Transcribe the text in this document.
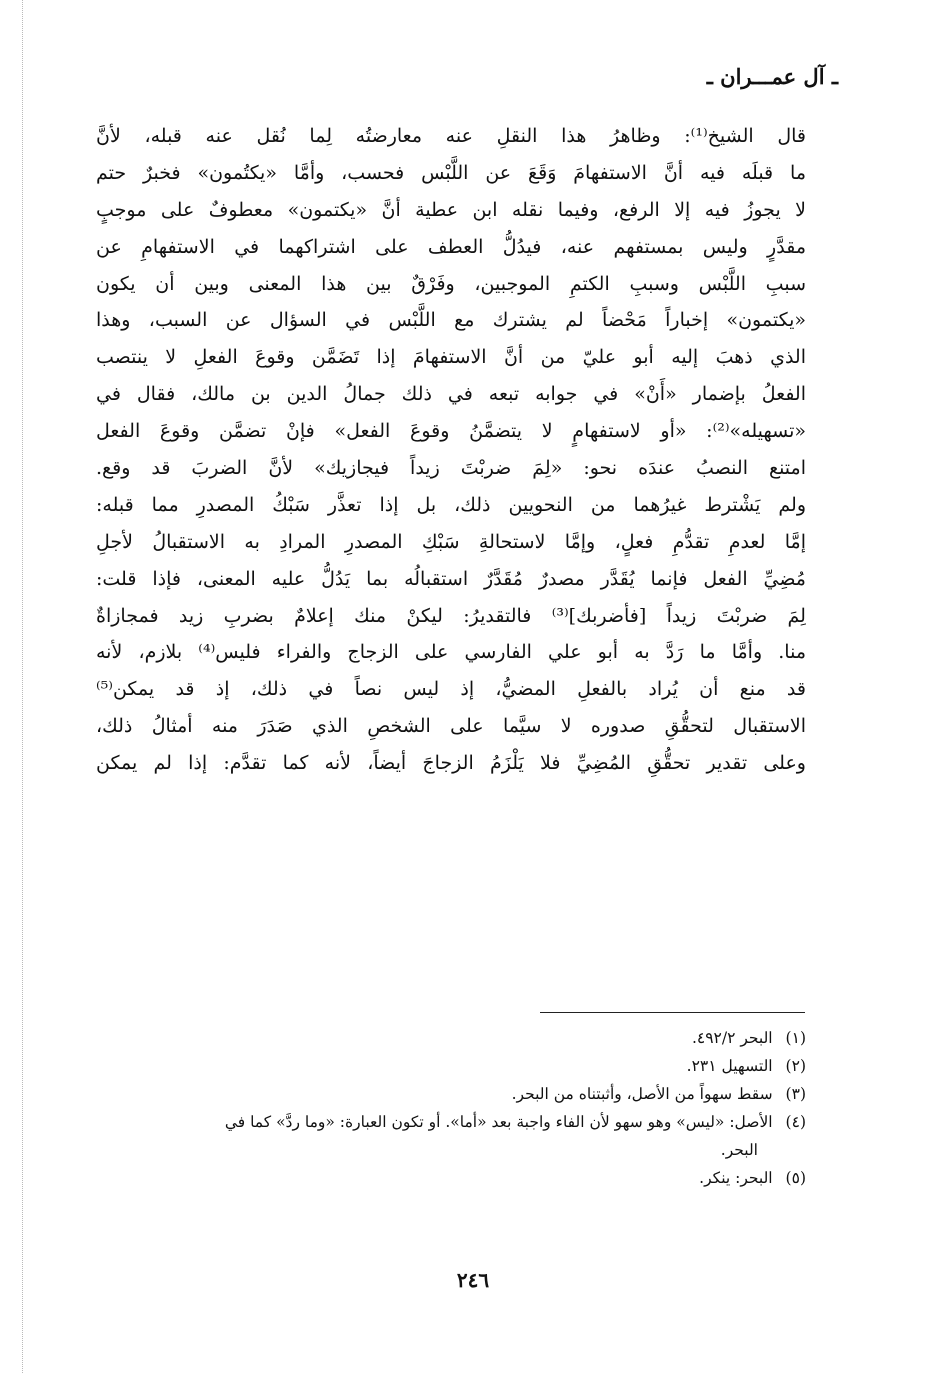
ـ آل عمـــران ـ
قال الشيخ⁽¹⁾: وظاهرُ هذا النقلِ عنه معارضتُه لِما نُقل عنه قبله، لأنَّ
ما قبلَه فيه أنَّ الاستفهامَ وَقَعَ عن اللَّبْس فحسب، وأمَّا «يكتُمون» فخبرٌ حتم
لا يجوزُ فيه إلا الرفع، وفيما نقله ابن عطية أنَّ «يكتمون» معطوفٌ على موجبٍ
مقدَّرٍ وليس بمستفهم عنه، فيدُلُّ العطف على اشتراكهما في الاستفهامِ عن
سببِ اللَّبْس وسببِ الكتمِ الموجبين، وفَرْقٌ بين هذا المعنى وبين أن يكون
«يكتمون» إخباراً مَحْضاً لم يشترك مع اللَّبْس في السؤال عن السبب، وهذا
الذي ذهبَ إليه أبو عليّ من أنَّ الاستفهامَ إذا تَضَمَّن وقوعَ الفعلِ لا ينتصب
الفعلُ بإضمار «أَنْ» في جوابه تبعه في ذلك جمالُ الدين بن مالك، فقال في
«تسهيله»⁽²⁾: «أو لاستفهامٍ لا يتضمَّنُ وقوعَ الفعل» فإنْ تضمَّن وقوعَ الفعل
امتنع النصبُ عندَه نحو: «لِمَ ضربْتَ زيداً فيجازيك» لأنَّ الضربَ قد وقع.
ولم يَشْترط غيرُهما من النحويين ذلك، بل إذا تعذَّر سَبْكُ المصدرِ مما قبله:
إمَّا لعدمِ تقدُّمِ فعلٍ، وإمَّا لاستحالةِ سَبْكِ المصدرِ المرادِ به الاستقبالُ لأجلِ
مُضِيِّ الفعل فإنما يُقَدَّر مصدرٌ مُقَدَّرٌ استقبالُه بما يَدُلُّ عليه المعنى، فإذا قلت:
لِمَ ضربْتَ زيداً [فأضربك]⁽³⁾ فالتقديرُ: ليكنْ منك إعلامٌ بضربِ زيد فمجازاةٌ
منا. وأمَّا ما رَدَّ به أبو علي الفارسي على الزجاج والفراء فليس⁽⁴⁾ بلازم، لأنه
قد منع أن يُراد بالفعلِ المضيُّ، إذ ليس نصاً في ذلك، إذ قد يمكن⁽⁵⁾
الاستقبال لتحقُّقِ صدوره لا سيَّما على الشخصِ الذي صَدَرَ منه أمثالُ ذلك،
وعلى تقدير تحقُّقِ المُضِيِّ فلا يَلْزَمُ الزجاجَ أيضاً، لأنه كما تقدَّم: إذا لم يمكن
(١) البحر ٤٩٢/٢.
(٢) التسهيل ٢٣١.
(٣) سقط سهواً من الأصل، وأثبتناه من البحر.
(٤) الأصل: «ليس» وهو سهو لأن الفاء واجبة بعد «أما». أو تكون العبارة: «وما ردَّ» كما في
البحر.
(٥) البحر: ينكر.
٢٤٦
